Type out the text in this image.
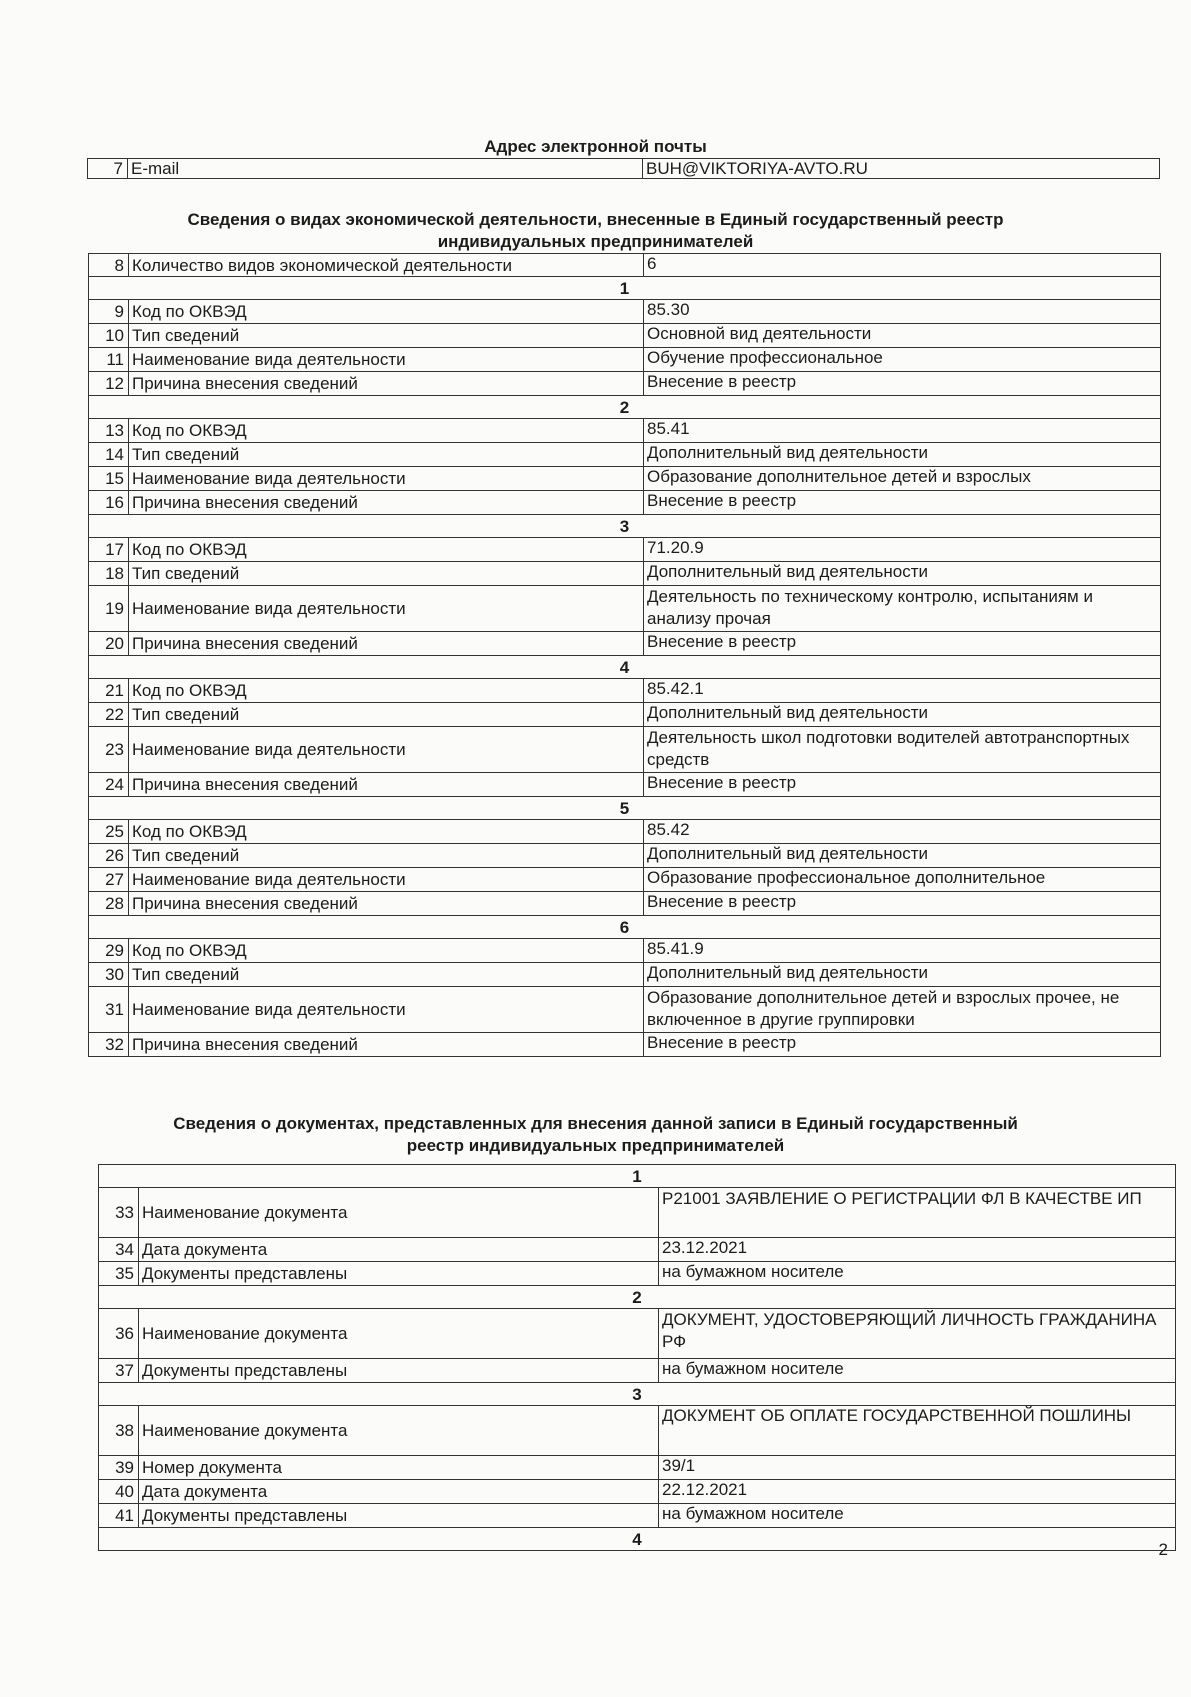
Адрес электронной почты
7	E-mail	BUH@VIKTORIYA-AVTO.RU
Сведения о видах экономической деятельности, внесенные в Единый государственный реестр
индивидуальных предпринимателей
8	Количество видов экономической деятельности	6
1		
9	Код по ОКВЭД	85.30
10	Тип сведений	Основной вид деятельности
11	Наименование вида деятельности	Обучение профессиональное
12	Причина внесения сведений	Внесение в реестр
2		
13	Код по ОКВЭД	85.41
14	Тип сведений	Дополнительный вид деятельности
15	Наименование вида деятельности	Образование дополнительное детей и взрослых
16	Причина внесения сведений	Внесение в реестр
3		
17	Код по ОКВЭД	71.20.9
18	Тип сведений	Дополнительный вид деятельности
19	Наименование вида деятельности	Деятельность по техническому контролю, испытаниям и анализу прочая
20	Причина внесения сведений	Внесение в реестр
4		
21	Код по ОКВЭД	85.42.1
22	Тип сведений	Дополнительный вид деятельности
23	Наименование вида деятельности	Деятельность школ подготовки водителей автотранспортных средств
24	Причина внесения сведений	Внесение в реестр
5		
25	Код по ОКВЭД	85.42
26	Тип сведений	Дополнительный вид деятельности
27	Наименование вида деятельности	Образование профессиональное дополнительное
28	Причина внесения сведений	Внесение в реестр
6		
29	Код по ОКВЭД	85.41.9
30	Тип сведений	Дополнительный вид деятельности
31	Наименование вида деятельности	Образование дополнительное детей и взрослых прочее, не включенное в другие группировки
32	Причина внесения сведений	Внесение в реестр
Сведения о документах, представленных для внесения данной записи в Единый государственный
реестр индивидуальных предпринимателей
1		
33	Наименование документа	Р21001 ЗАЯВЛЕНИЕ О РЕГИСТРАЦИИ ФЛ В КАЧЕСТВЕ ИП
34	Дата документа	23.12.2021
35	Документы представлены	на бумажном носителе
2		
36	Наименование документа	ДОКУМЕНТ, УДОСТОВЕРЯЮЩИЙ ЛИЧНОСТЬ ГРАЖДАНИНА РФ
37	Документы представлены	на бумажном носителе
3		
38	Наименование документа	ДОКУМЕНТ ОБ ОПЛАТЕ ГОСУДАРСТВЕННОЙ ПОШЛИНЫ
39	Номер документа	39/1
40	Дата документа	22.12.2021
41	Документы представлены	на бумажном носителе
4		
2
